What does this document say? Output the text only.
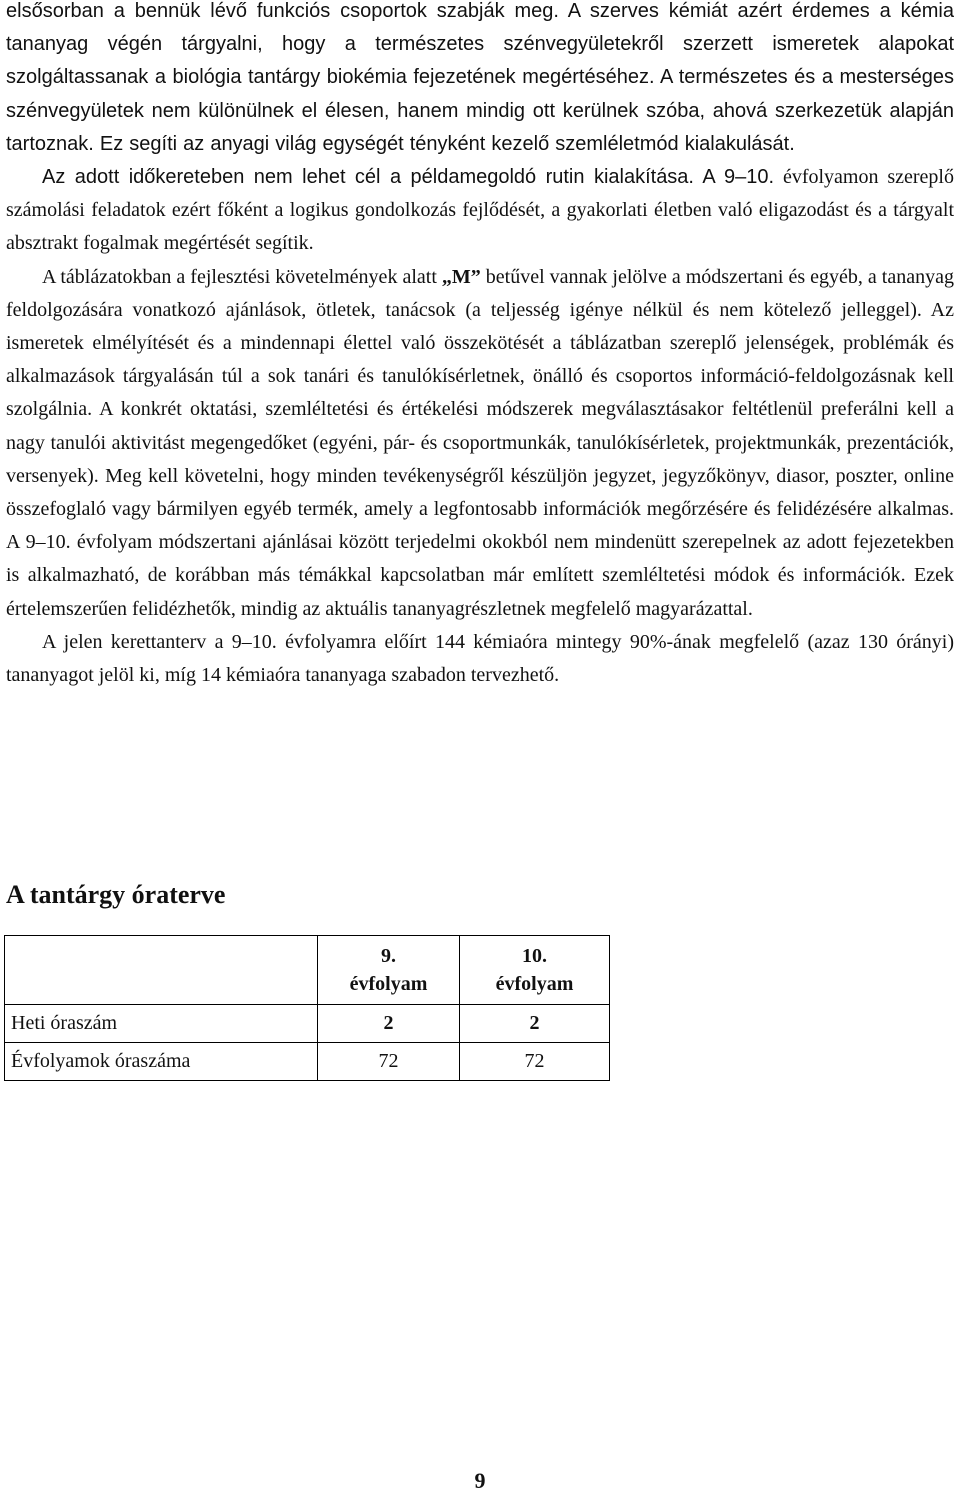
elsősorban a bennük lévő funkciós csoportok szabják meg. A szerves kémiát azért érdemes a kémia tananyag végén tárgyalni, hogy a természetes szénvegyületekről szerzett ismeretek alapokat szolgáltassanak a biológia tantárgy biokémia fejezetének megértéséhez. A természetes és a mesterséges szénvegyületek nem különülnek el élesen, hanem mindig ott kerülnek szóba, ahová szerkezetük alapján tartoznak. Ez segíti az anyagi világ egységét tényként kezelő szemléletmód kialakulását.

Az adott időkereteben nem lehet cél a példamegoldó rutin kialakítása. A 9–10. évfolyamon szereplő számolási feladatok ezért főként a logikus gondolkozás fejlődését, a gyakorlati életben való eligazodást és a tárgyalt absztrakt fogalmak megértését segítik.

A táblázatokban a fejlesztési követelmények alatt „M” betűvel vannak jelölve a módszertani és egyéb, a tananyag feldolgozására vonatkozó ajánlások, ötletek, tanácsok (a teljesség igénye nélkül és nem kötelező jelleggel). Az ismeretek elmélyítését és a mindennapi élettel való összekötését a táblázatban szereplő jelenségek, problémák és alkalmazások tárgyalásán túl a sok tanári és tanulókísérletnek, önálló és csoportos információ-feldolgozásnak kell szolgálnia. A konkrét oktatási, szemléltetési és értékelési módszerek megválasztásakor feltétlenül preferálni kell a nagy tanulói aktivitást megengedőket (egyéni, pár- és csoportmunkák, tanulókísérletek, projektmunkák, prezentációk, versenyek). Meg kell követelni, hogy minden tevékenységről készüljön jegyzet, jegyzőkönyv, diasor, poszter, online összefoglaló vagy bármilyen egyéb termék, amely a legfontosabb információk megőrzésére és felidézésére alkalmas. A 9–10. évfolyam módszertani ajánlásai között terjedelmi okokból nem mindenütt szerepelnek az adott fejezetekben is alkalmazható, de korábban más témákkal kapcsolatban már említett szemléltetési módok és információk. Ezek értelemszerűen felidézhetők, mindig az aktuális tananyagrészletnek megfelelő magyarázattal.

A jelen kerettanterv a 9–10. évfolyamra előírt 144 kémiaóra mintegy 90%-ának megfelelő (azaz 130 órányi) tananyagot jelöl ki, míg 14 kémiaóra tananyaga szabadon tervezhető.

A tantárgy óraterve
	9.
évfolyam	10.
évfolyam
Heti óraszám	2	2
Évfolyamok óraszáma	72	72
9
